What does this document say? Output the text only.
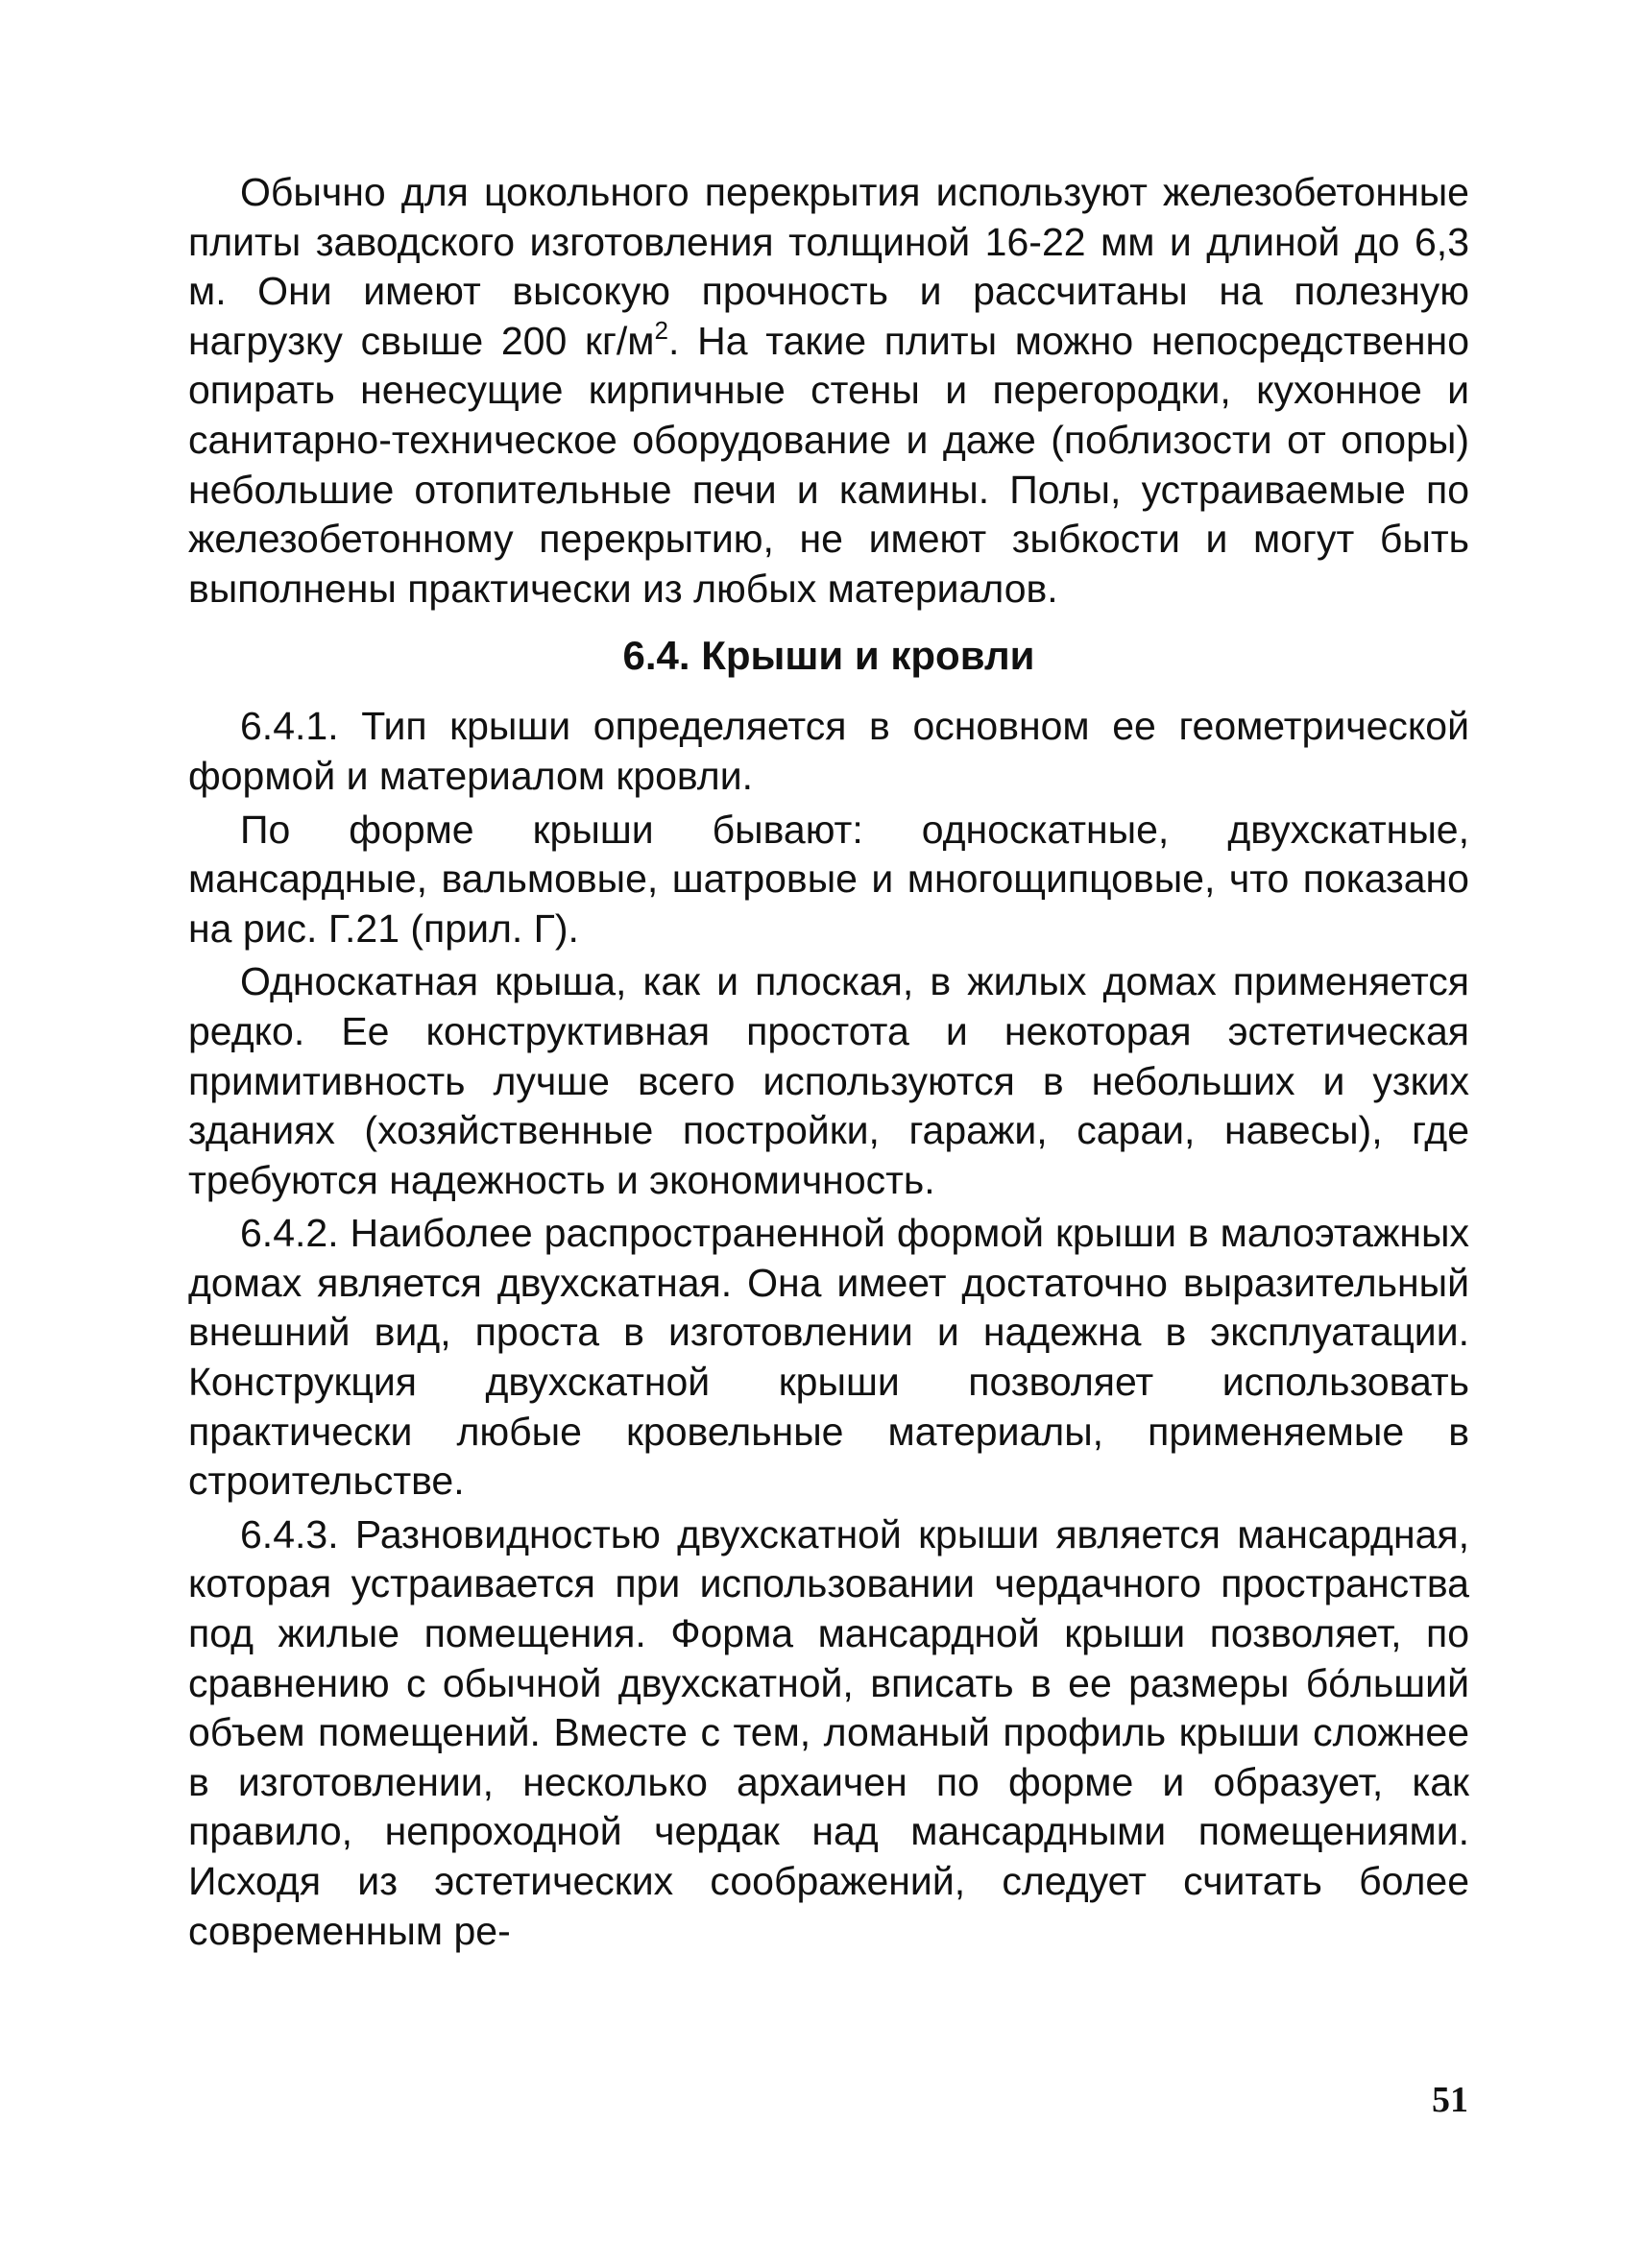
Обычно для цокольного перекрытия используют железобетонные плиты заводского изготовления толщиной 16-22 мм и длиной до 6,3 м. Они имеют высокую прочность и рассчитаны на полезную нагрузку свыше 200 $кг/м^2$. На такие плиты можно непосредственно опирать ненесущие кирпичные стены и перегородки, кухонное и санитарно-техническое оборудование и даже (поблизости от опоры) небольшие отопительные печи и камины. Полы, устраиваемые по железобетонному перекрытию, не имеют зыбкости и могут быть выполнены практически из любых материалов.

6.4. Крыши и кровли

6.4.1. Тип крыши определяется в основном ее геометрической формой и материалом кровли.

По форме крыши бывают: односкатные, двухскатные, мансардные, вальмовые, шатровые и многощипцовые, что показано на рис. Г.21 (прил. Г).

Односкатная крыша, как и плоская, в жилых домах применяется редко. Ее конструктивная простота и некоторая эстетическая примитивность лучше всего используются в небольших и узких зданиях (хозяйственные постройки, гаражи, сараи, навесы), где требуются надежность и экономичность.

6.4.2. Наиболее распространенной формой крыши в малоэтажных домах является двухскатная. Она имеет достаточно выразительный внешний вид, проста в изготовлении и надежна в эксплуатации. Конструкция двухскатной крыши позволяет использовать практически любые кровельные материалы, применяемые в строительстве.

6.4.3. Разновидностью двухскатной крыши является мансардная, которая устраивается при использовании чердачного пространства под жилые помещения. Форма мансардной крыши позволяет, по сравнению с обычной двухскатной, вписать в ее размеры бо́льший объем помещений. Вместе с тем, ломаный профиль крыши сложнее в изготовлении, несколько архаичен по форме и образует, как правило, непроходной чердак над мансардными помещениями. Исходя из эстетических соображений, следует считать более современным ре-

51
